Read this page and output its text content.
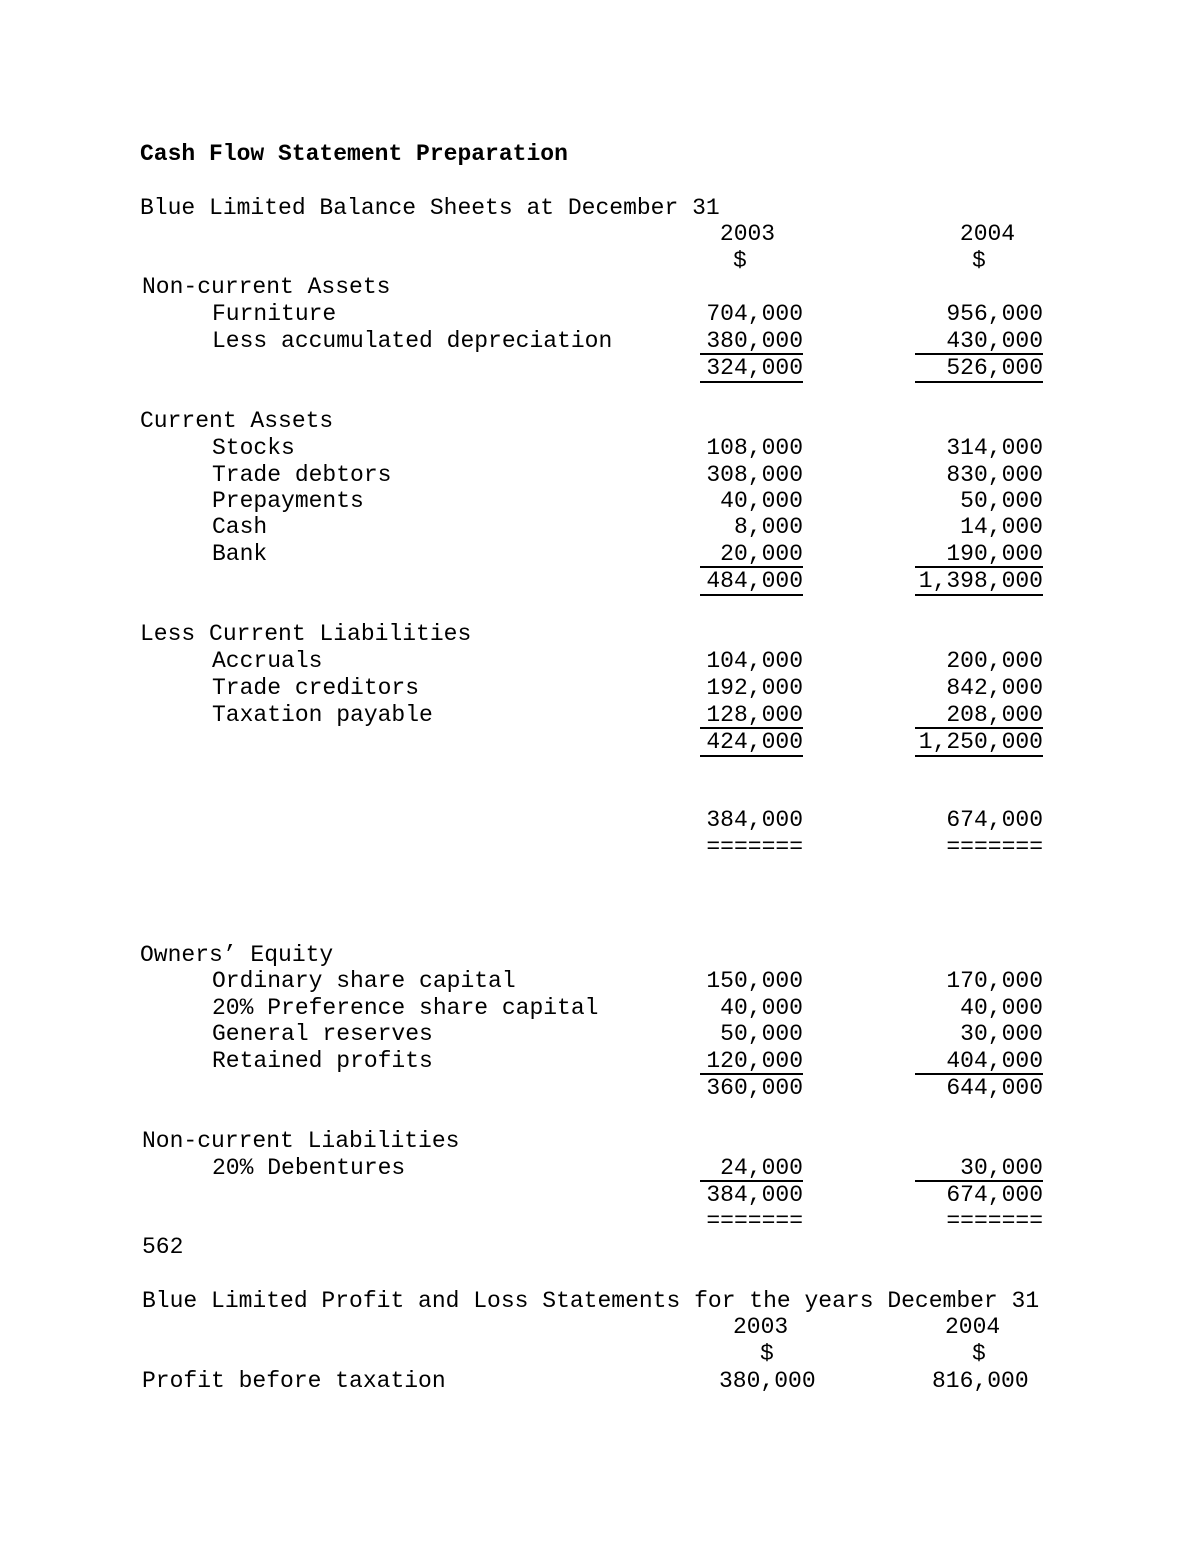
Cash Flow Statement Preparation
Blue Limited Balance Sheets at December 31
2003	2004
$	$
Non-current Assets
Furniture	704,000	956,000
Less accumulated depreciation	380,000	430,000
324,000	526,000
Current Assets
Stocks	108,000	314,000
Trade debtors	308,000	830,000
Prepayments	40,000	50,000
Cash	8,000	14,000
Bank	20,000	190,000
484,000	1,398,000
Less Current Liabilities
Accruals	104,000	200,000
Trade creditors	192,000	842,000
Taxation payable	128,000	208,000
424,000	1,250,000
384,000	674,000
=======	=======
Owners’ Equity
Ordinary share capital	150,000	170,000
20% Preference share capital	40,000	40,000
General reserves	50,000	30,000
Retained profits	120,000	404,000
360,000	644,000
Non-current Liabilities
20% Debentures	24,000	30,000
384,000	674,000
=======	=======
562
Blue Limited Profit and Loss Statements for the years December 31
2003	2004
$	$
Profit before taxation	380,000	816,000
